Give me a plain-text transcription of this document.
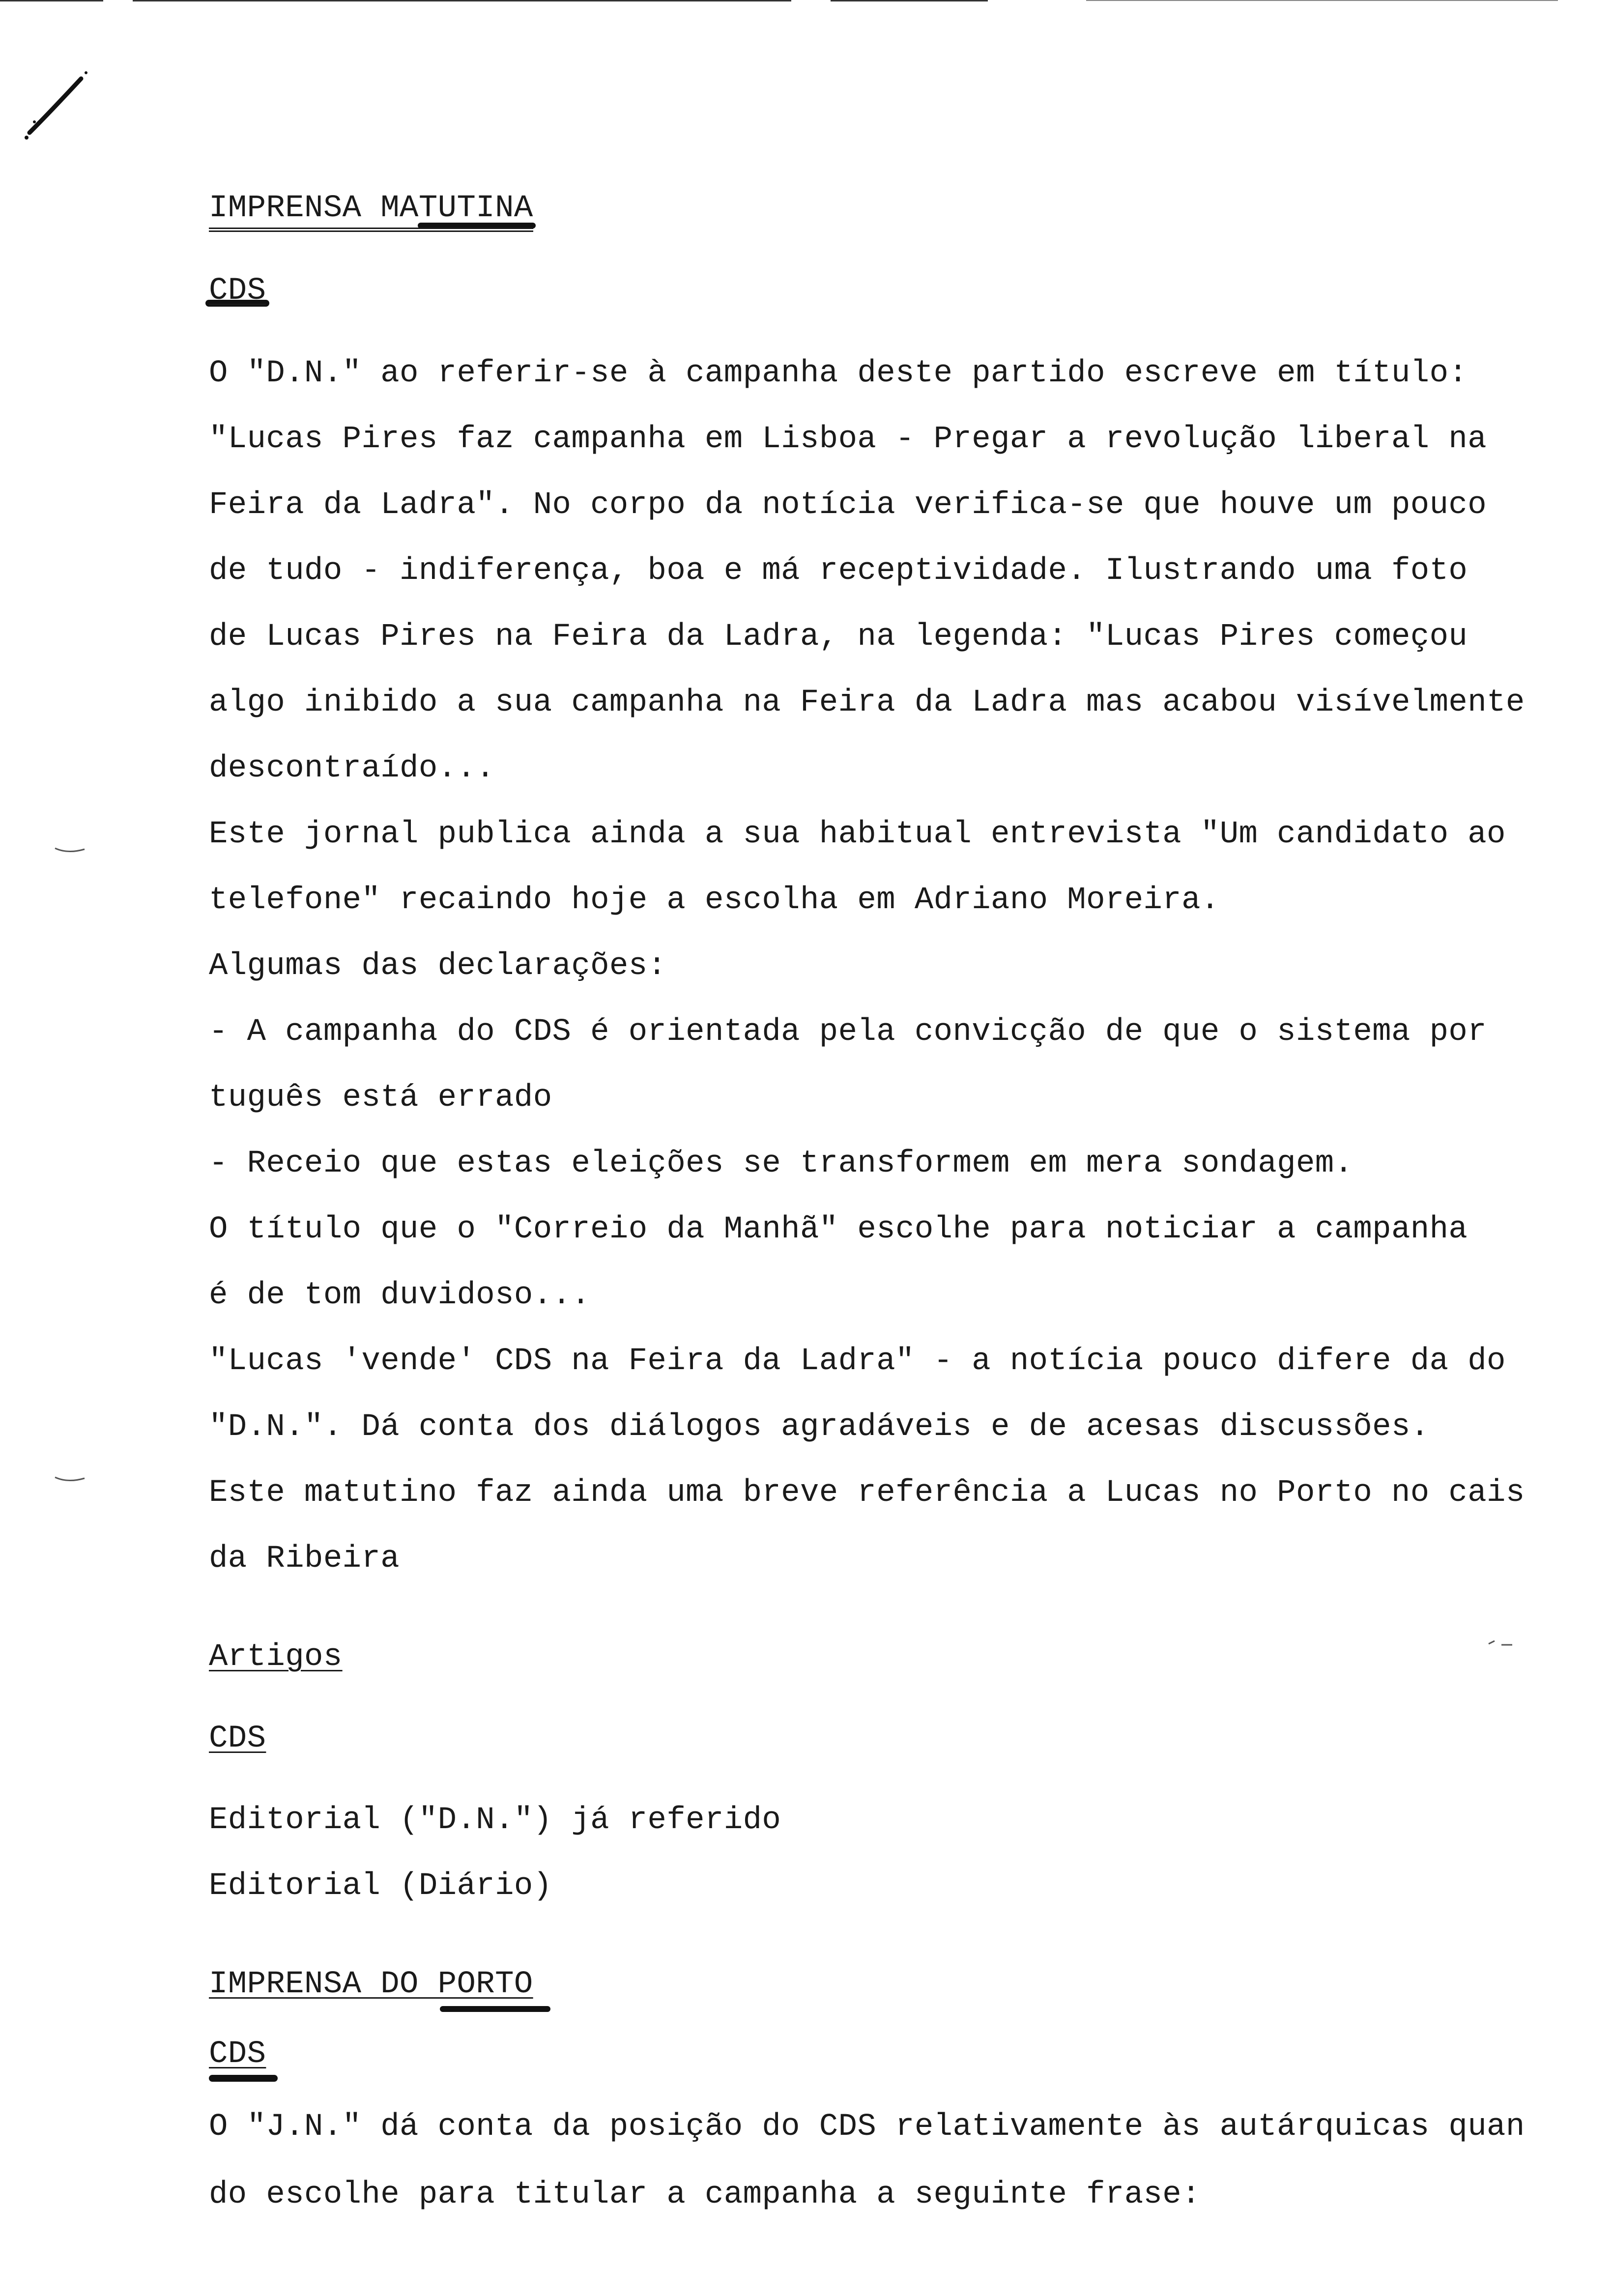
IMPRENSA MATUTINA
CDS
O "D.N." ao referir-se à campanha deste partido escreve em título:
"Lucas Pires faz campanha em Lisboa - Pregar a revolução liberal na
Feira da Ladra". No corpo da notícia verifica-se que houve um pouco
de tudo - indiferença, boa e má receptividade. Ilustrando uma foto
de Lucas Pires na Feira da Ladra, na legenda: "Lucas Pires começou
algo inibido a sua campanha na Feira da Ladra mas acabou visívelmente
descontraído...
Este jornal publica ainda a sua habitual entrevista "Um candidato ao
telefone" recaindo hoje a escolha em Adriano Moreira.
Algumas das declarações:
- A campanha do CDS é orientada pela convicção de que o sistema por
tuguês está errado
- Receio que estas eleições se transformem em mera sondagem.
O título que o "Correio da Manhã" escolhe para noticiar a campanha
é de tom duvidoso...
"Lucas 'vende' CDS na Feira da Ladra" - a notícia pouco difere da do
"D.N.". Dá conta dos diálogos agradáveis e de acesas discussões.
Este matutino faz ainda uma breve referência a Lucas no Porto no cais
da Ribeira
Artigos
CDS
Editorial ("D.N.") já referido
Editorial (Diário)
IMPRENSA DO PORTO
CDS
O "J.N." dá conta da posição do CDS relativamente às autárquicas quan
do escolhe para titular a campanha a seguinte frase:
